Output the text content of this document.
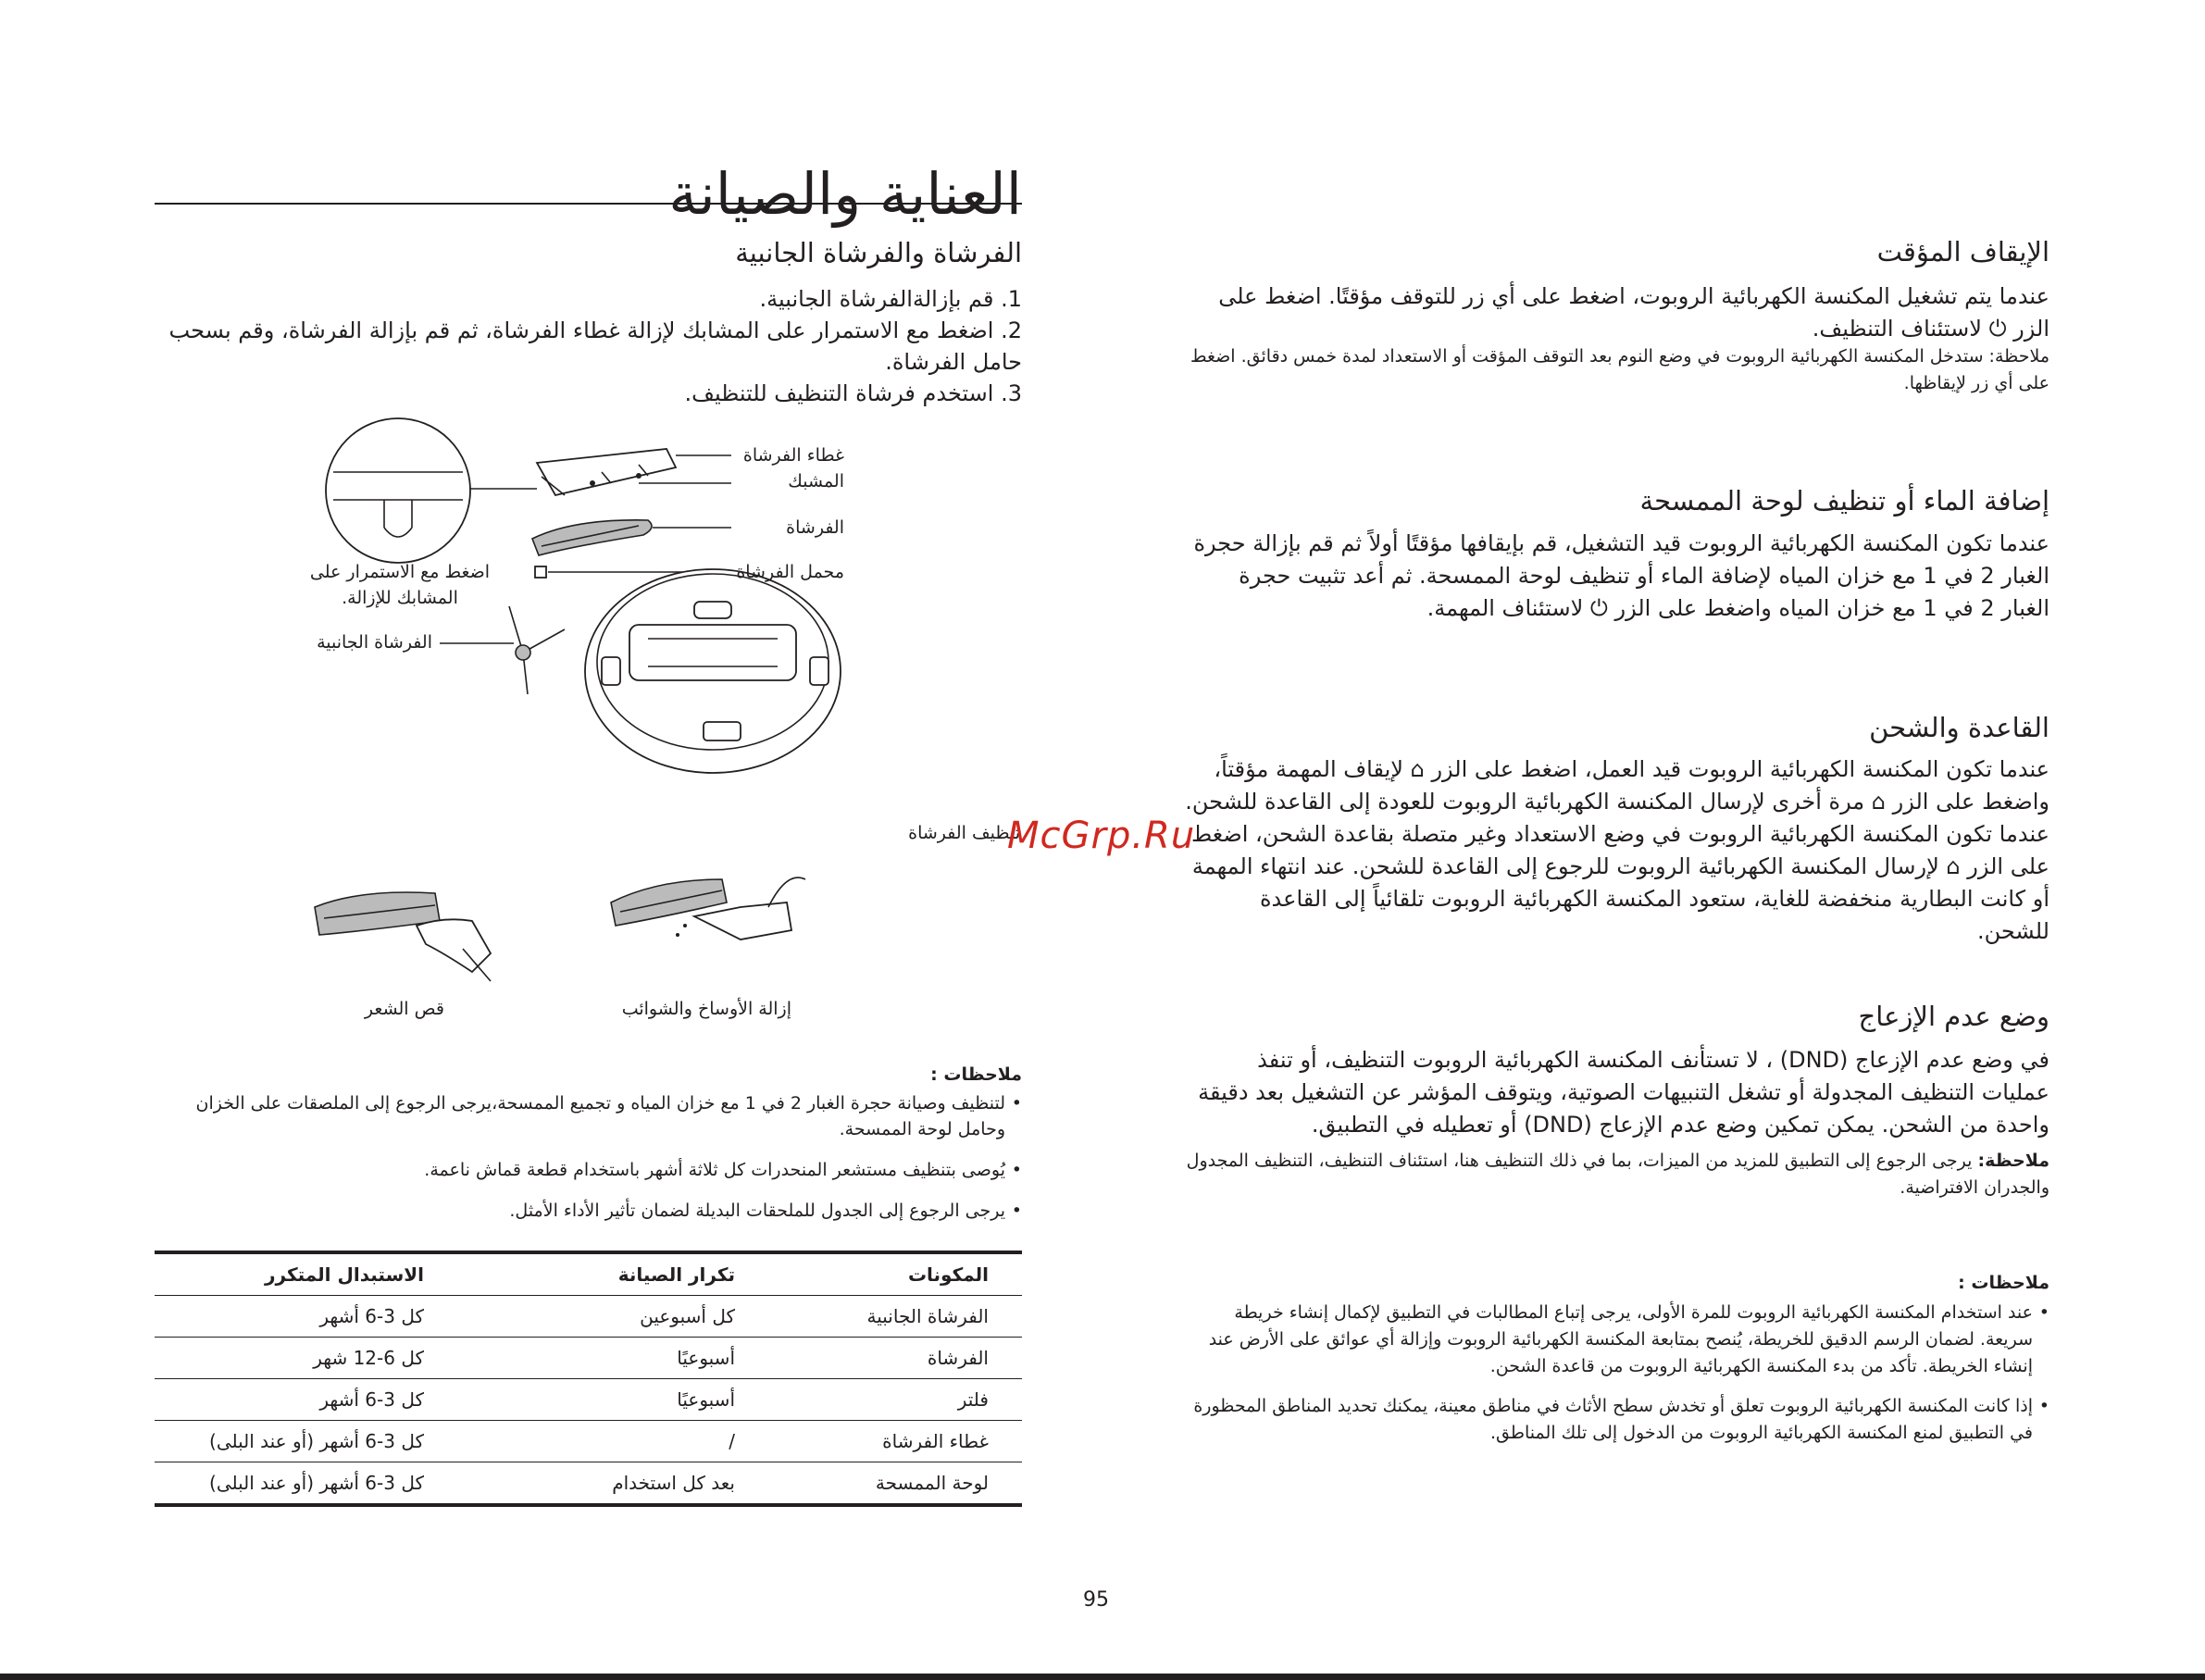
العناية والصيانة
الفرشاة والفرشاة الجانبية
1. قم بإزالةالفرشاة الجانبية.
2. اضغط مع الاستمرار على المشابك لإزالة غطاء الفرشاة، ثم قم بإزالة الفرشاة، وقم بسحب حامل الفرشاة.
3. استخدم فرشاة التنظيف للتنظيف.
غطاء الفرشاة
المشبك
الفرشاة
محمل الفرشاة
اضغط مع الاستمرار على المشابك للإزالة.
الفرشاة الجانبية
تنظيف الفرشاة
قص الشعر	إزالة الأوساخ والشوائب
ملاحظات :
• لتنظيف وصيانة حجرة الغبار 2 في 1 مع خزان المياه و تجميع الممسحة،يرجى الرجوع إلى الملصقات على الخزان وحامل لوحة الممسحة.
• يُوصى بتنظيف مستشعر المنحدرات كل ثلاثة أشهر باستخدام قطعة قماش ناعمة.
• يرجى الرجوع إلى الجدول للملحقات البديلة لضمان تأثير الأداء الأمثل.
المكونات	تكرار الصيانة	الاستبدال المتكرر
الفرشاة الجانبية	كل أسبوعين	كل 3-6 أشهر
الفرشاة	أسبوعيًا	كل 6-12 شهر
فلتر	أسبوعيًا	كل 3-6 أشهر
غطاء الفرشاة	/	كل 3-6 أشهر (أو عند البلى)
لوحة الممسحة	بعد كل استخدام	كل 3-6 أشهر (أو عند البلى)
الإيقاف المؤقت
عندما يتم تشغيل المكنسة الكهربائية الروبوت، اضغط على أي زر للتوقف مؤقتًا. اضغط على الزر ⏻ لاستئناف التنظيف.
ملاحظة: ستدخل المكنسة الكهربائية الروبوت في وضع النوم بعد التوقف المؤقت أو الاستعداد لمدة خمس دقائق. اضغط على أي زر لإيقاظها.
إضافة الماء أو تنظيف لوحة الممسحة
عندما تكون المكنسة الكهربائية الروبوت قيد التشغيل، قم بإيقافها مؤقتًا أولاً ثم قم بإزالة حجرة الغبار 2 في 1 مع خزان المياه لإضافة الماء أو تنظيف لوحة الممسحة. ثم أعد تثبيت حجرة الغبار 2 في 1 مع خزان المياه واضغط على الزر ⏻ لاستئناف المهمة.
القاعدة والشحن
عندما تكون المكنسة الكهربائية الروبوت قيد العمل، اضغط على الزر ⌂ لإيقاف المهمة مؤقتاً، واضغط على الزر ⌂ مرة أخرى لإرسال المكنسة الكهربائية الروبوت للعودة إلى القاعدة للشحن. عندما تكون المكنسة الكهربائية الروبوت في وضع الاستعداد وغير متصلة بقاعدة الشحن، اضغط على الزر ⌂ لإرسال المكنسة الكهربائية الروبوت للرجوع إلى القاعدة للشحن. عند انتهاء المهمة أو كانت البطارية منخفضة للغاية، ستعود المكنسة الكهربائية الروبوت تلقائياً إلى القاعدة للشحن.
وضع عدم الإزعاج
في وضع عدم الإزعاج (DND) ، لا تستأنف المكنسة الكهربائية الروبوت التنظيف، أو تنفذ عمليات التنظيف المجدولة أو تشغل التنبيهات الصوتية، ويتوقف المؤشر عن التشغيل بعد دقيقة واحدة من الشحن. يمكن تمكين وضع عدم الإزعاج (DND) أو تعطيله في التطبيق.
ملاحظة: يرجى الرجوع إلى التطبيق للمزيد من الميزات، بما في ذلك التنظيف هنا، استئناف التنظيف، التنظيف المجدول والجدران الافتراضية.
ملاحظات :
• عند استخدام المكنسة الكهربائية الروبوت للمرة الأولى، يرجى إتباع المطالبات في التطبيق لإكمال إنشاء خريطة سريعة. لضمان الرسم الدقيق للخريطة، يُنصح بمتابعة المكنسة الكهربائية الروبوت وإزالة أي عوائق على الأرض عند إنشاء الخريطة. تأكد من بدء المكنسة الكهربائية الروبوت من قاعدة الشحن.
• إذا كانت المكنسة الكهربائية الروبوت تعلق أو تخدش سطح الأثاث في مناطق معينة، يمكنك تحديد المناطق المحظورة في التطبيق لمنع المكنسة الكهربائية الروبوت من الدخول إلى تلك المناطق.
McGrp.Ru
95
